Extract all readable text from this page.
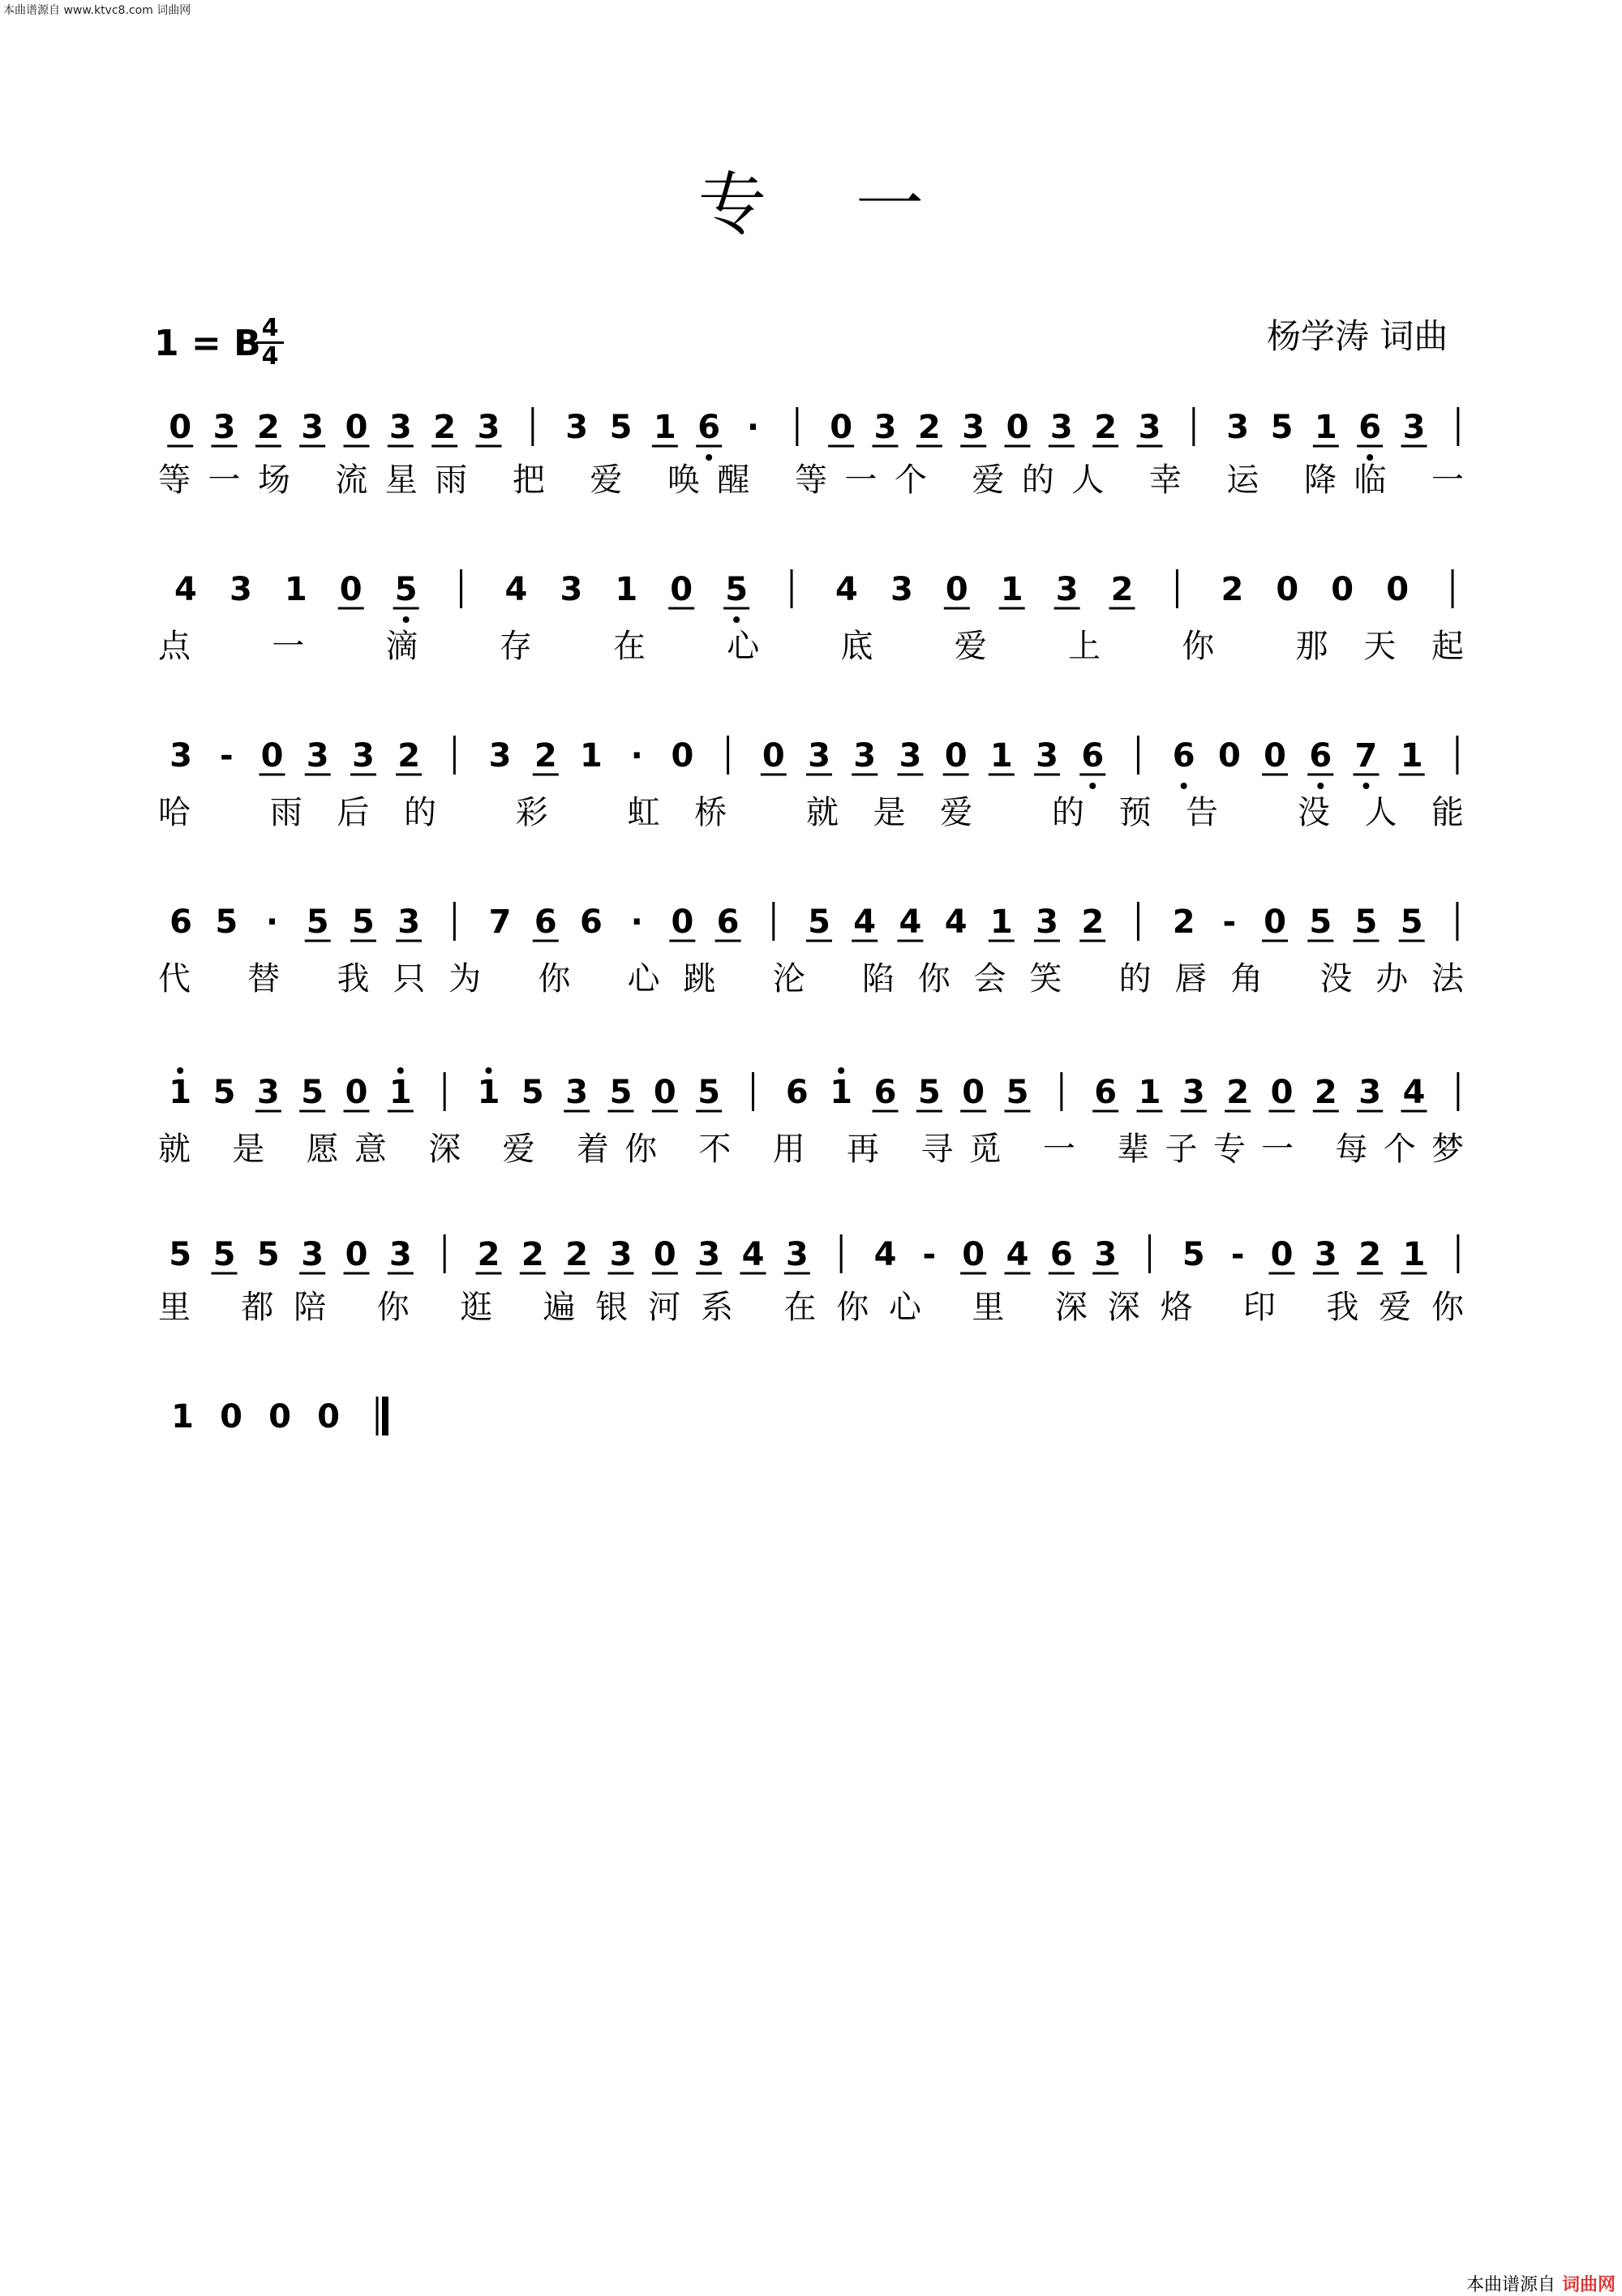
本曲谱源自 www.ktvc8.com 词曲网
专一
1 = B 4
4
杨学涛 词曲
0 3 2 3 0 3 2 3 3 5 1 6 · 0 3 2 3 0 3 2 3 3 5 1 6 3
等一场 流星雨 把 爱 唤醒 等一个 爱的人 幸 运 降临 一
4 3 1 0 5	4 3 1 0 5	4 3 0 1 3 2	2 0 0 0
点 一 滴 存 在 心 底 爱 上 你 那天起
3 - 0 3 3 2 3 2 1 · 0 0 3 3 3 0 1 3 6 6 0 0 6 7 1
哈 雨后的 彩 虹桥 就是爱 的预告 没人能
6 5 · 5 5 3 7 6 6 · 0 6 5 4 4 4 1 3 2 2 - 0 5 5 5
代 替 我只为 你 心跳 沦 陷你会笑 的唇角 没办法
1 5 3 5 0 1 1 5 3 5 0 5 6 1 6 5 0 5 6 1 3 2 0 2 3 4
就 是 愿意 深 爱 着你 不 用 再 寻觅 一 辈子专一 每个梦
5 5 5 3 0 3 2 2 2 3 0 3 4 3 4 - 0 4 6 3 5 - 0 3 2 1
里 都陪 你 逛 遍银河系 在你心 里 深深烙 印 我爱你
1 0 0 0
本曲谱源自 词曲网
